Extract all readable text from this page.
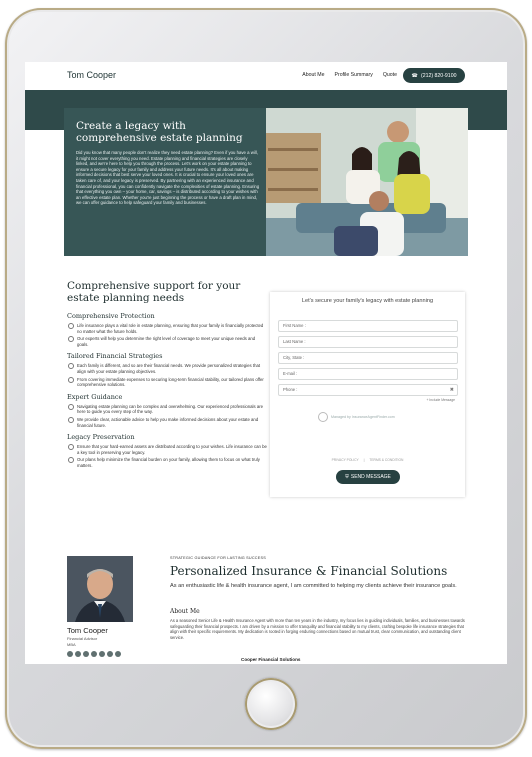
Tom Cooper	About Me Profile Summary Quote	☎ (212) 820-9100
Create a legacy with comprehensive estate planning

Did you know that many people don't realize they need estate planning? Even if you have a will, it might not cover everything you need. Estate planning and financial strategies are closely linked, and we're here to help you through the process. Let's work on your estate planning to ensure a secure legacy for your family and address your future needs. It's all about making informed decisions that best serve your loved ones. It is crucial to ensure your loved ones are taken care of, and your legacy is preserved. By partnering with an experienced insurance and financial professional, you can confidently navigate the complexities of estate planning. Ensuring that everything you own – your home, car, savings – is distributed according to your wishes with an effective estate plan. Whether you're just beginning the process or have a draft plan in mind, we can offer guidance to help safeguard your family and businesses.

Comprehensive support for your estate planning needs
Comprehensive Protection
Life insurance plays a vital role in estate planning, ensuring that your family is financially protected no matter what the future holds.
Our experts will help you determine the right level of coverage to meet your unique needs and goals.
Tailored Financial Strategies
Each family is different, and so are their financial needs. We provide personalized strategies that align with your estate planning objectives.
From covering immediate expenses to securing long-term financial stability, our tailored plans offer comprehensive solutions.
Expert Guidance
Navigating estate planning can be complex and overwhelming. Our experienced professionals are here to guide you every step of the way.
We provide clear, actionable advice to help you make informed decisions about your estate and financial future.
Legacy Preservation
Ensure that your hard-earned assets are distributed according to your wishes. Life insurance can be a key tool in preserving your legacy.
Our plans help minimize the financial burden on your family, allowing them to focus on what truly matters.
Let's secure your family's legacy with estate planning
First Name :
Last Name :
City, State :
E-mail :
Phone :	✖
+ Include Message
Managed by InsuranceAgentFinder.com
PRIVACY POLICY | TERMS & CONDITION
⛨ SEND MESSAGE
Tom Cooper
Financial Advisor
MBA
STRATEGIC GUIDANCE FOR LASTING SUCCESS
Personalized Insurance & Financial Solutions
As an enthusiastic life & health insurance agent, I am committed to helping my clients achieve their insurance goals.
About Me
As a seasoned Senior Life & Health Insurance Agent with more than ten years in the industry, my focus lies in guiding individuals, families, and businesses towards safeguarding their financial prospects. I am driven by a mission to offer tranquility and financial stability to my clients, crafting bespoke life insurance strategies that align with their specific requirements. My dedication is rooted in forging enduring connections based on mutual trust, clear communication, and outstanding client service.
Cooper Financial Solutions
